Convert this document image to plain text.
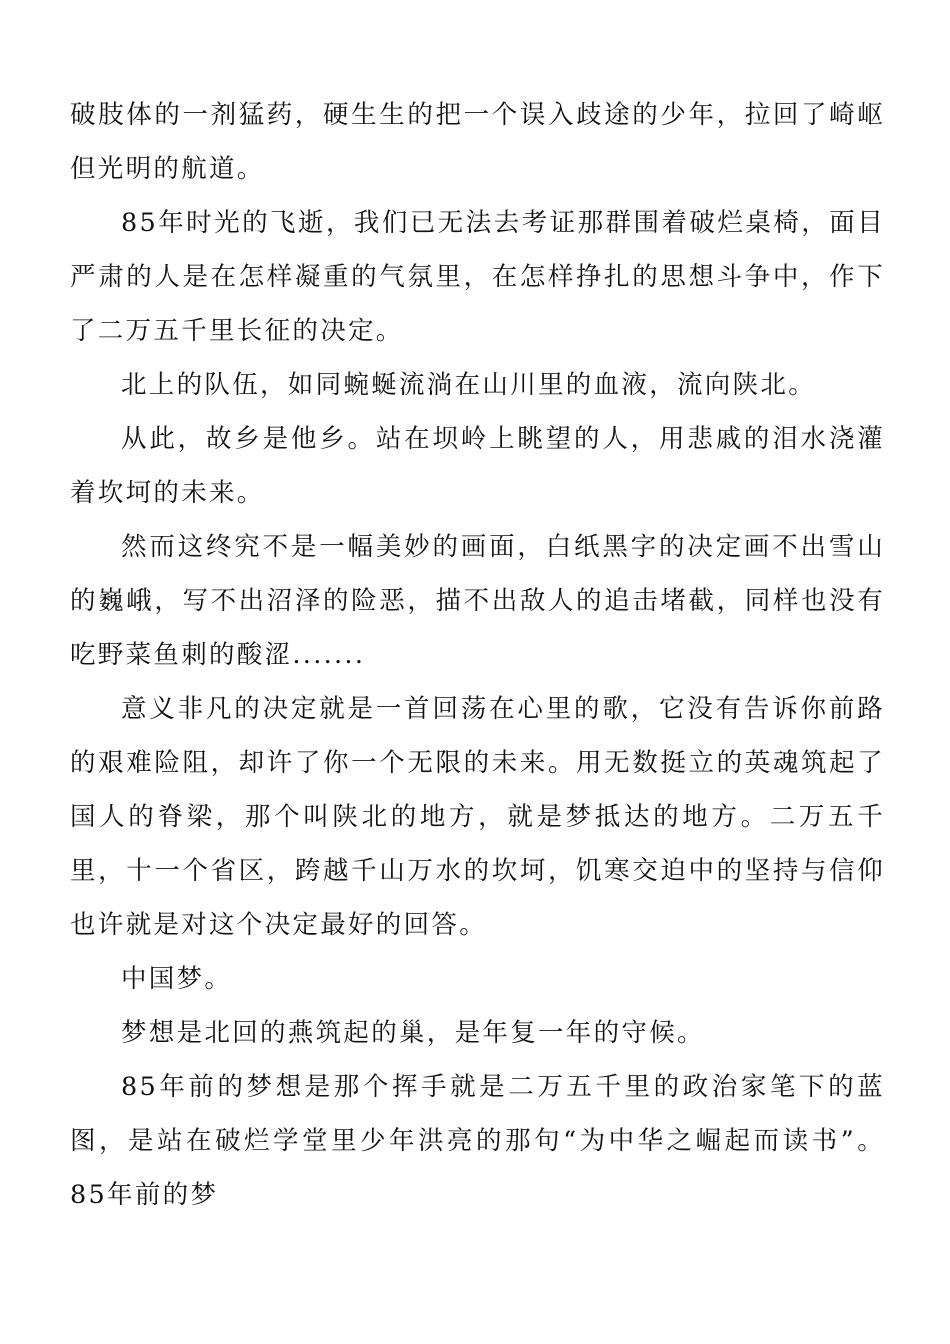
破肢体的一剂猛药，硬生生的把一个误入歧途的少年，拉回了崎岖但光明的航道。

85年时光的飞逝，我们已无法去考证那群围着破烂桌椅，面目严肃的人是在怎样凝重的气氛里，在怎样挣扎的思想斗争中，作下了二万五千里长征的决定。

北上的队伍，如同蜿蜒流淌在山川里的血液，流向陕北。

从此，故乡是他乡。站在坝岭上眺望的人，用悲戚的泪水浇灌着坎坷的未来。

然而这终究不是一幅美妙的画面，白纸黑字的决定画不出雪山的巍峨，写不出沼泽的险恶，描不出敌人的追击堵截，同样也没有吃野菜鱼刺的酸涩.......

意义非凡的决定就是一首回荡在心里的歌，它没有告诉你前路的艰难险阻，却许了你一个无限的未来。用无数挺立的英魂筑起了国人的脊梁，那个叫陕北的地方，就是梦抵达的地方。二万五千里，十一个省区，跨越千山万水的坎坷，饥寒交迫中的坚持与信仰也许就是对这个决定最好的回答。

中国梦。

梦想是北回的燕筑起的巢，是年复一年的守候。

85年前的梦想是那个挥手就是二万五千里的政治家笔下的蓝图，是站在破烂学堂里少年洪亮的那句“为中华之崛起而读书”。85年前的梦
